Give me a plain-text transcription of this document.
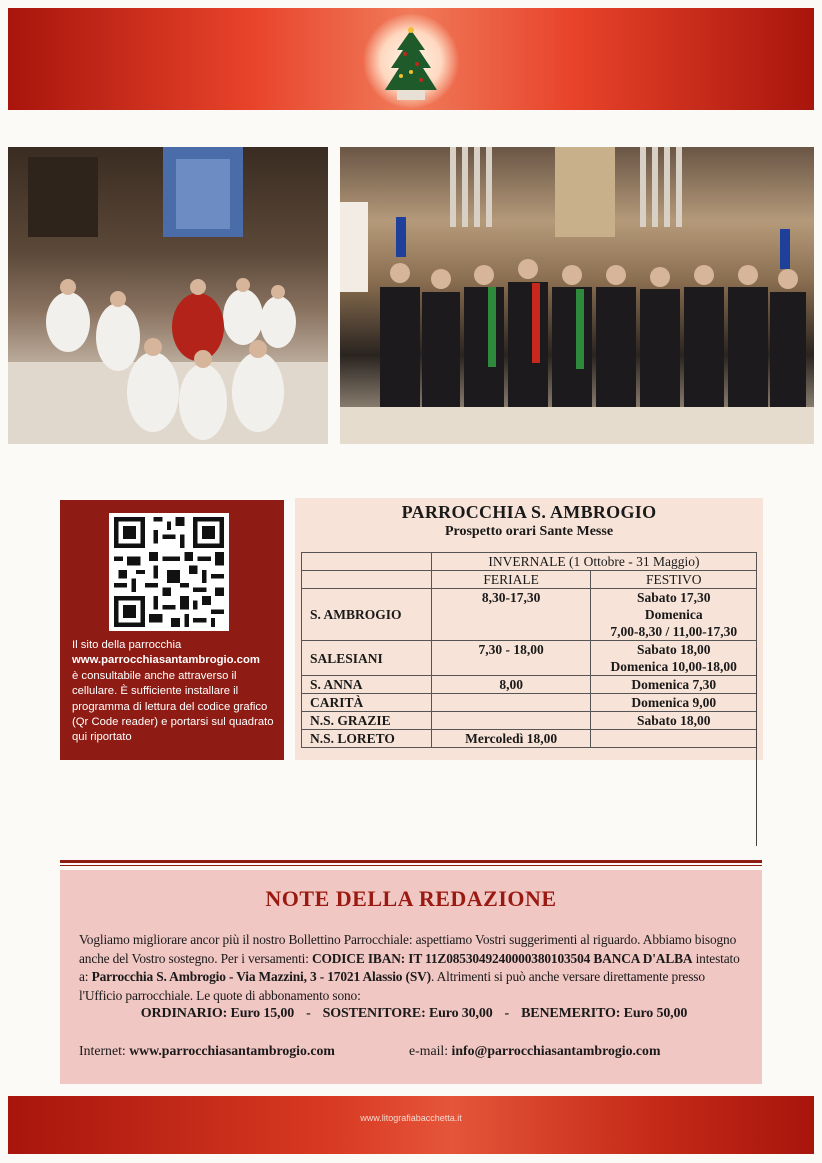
Il sito della parrocchia
www.parrocchiasantambrogio.com
è consultabile anche attraverso il cellulare. È sufficiente installare il programma di lettura del codice grafico (Qr Code reader) e portarsi sul quadrato qui riportato
PARROCCHIA S. AMBROGIO
Prospetto orari Sante Messe
	INVERNALE (1 Ottobre - 31 Maggio)	
	FERIALE	FESTIVO
S. AMBROGIO	8,30-17,30	Sabato 17,30
Domenica
7,00-8,30 / 11,00-17,30
SALESIANI	7,30 - 18,00	Sabato 18,00
Domenica 10,00-18,00
S. ANNA	8,00	Domenica 7,30
CARITÀ		Domenica 9,00
N.S. GRAZIE		Sabato 18,00
N.S. LORETO	Mercoledì 18,00	
NOTE DELLA REDAZIONE
Vogliamo migliorare ancor più il nostro Bollettino Parrocchiale: aspettiamo Vostri suggerimenti al riguardo. Abbiamo bisogno anche del Vostro sostegno. Per i versamenti: CODICE IBAN: IT 11Z0853049240000380103504 BANCA D'ALBA intestato a: Parrocchia S. Ambrogio - Via Mazzini, 3 - 17021 Alassio (SV). Altrimenti si può anche versare direttamente presso l'Ufficio parrocchiale. Le quote di abbonamento sono:
ORDINARIO: Euro 15,00 - SOSTENITORE: Euro 30,00 - BENEMERITO: Euro 50,00
Internet: www.parrocchiasantambrogio.com	e-mail: info@parrocchiasantambrogio.com
www.litografiabacchetta.it
